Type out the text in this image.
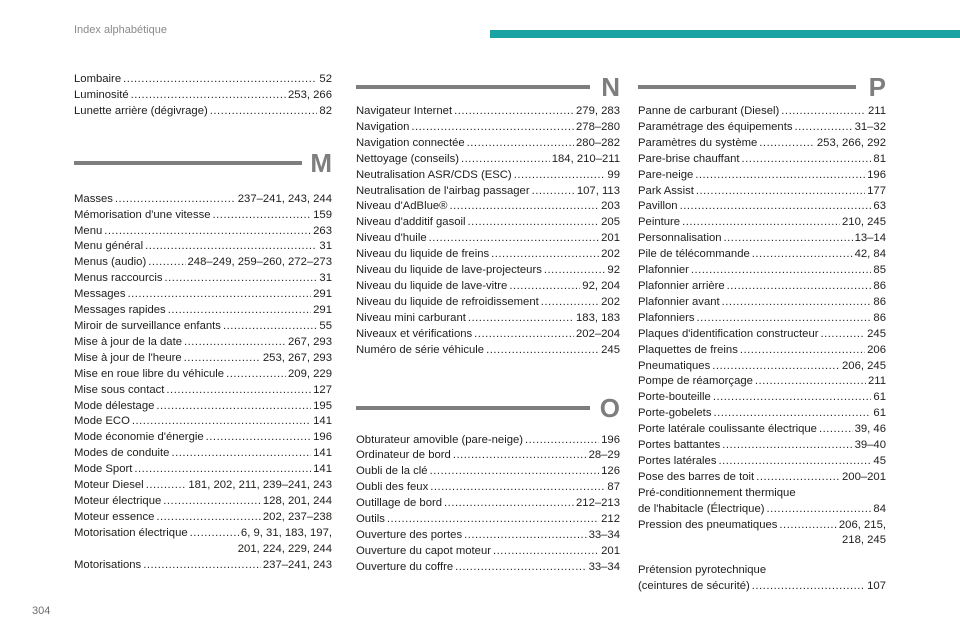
Index alphabétique
Lombaire .....	52
Luminosité .....	253, 266
Lunette arrière (dégivrage) .....	82
M
Masses .....	237–241, 243, 244
Mémorisation d'une vitesse .....	159
Menu .....	263
Menu général .....	31
Menus (audio) .....	248–249, 259–260, 272–273
Menus raccourcis .....	31
Messages .....	291
Messages rapides .....	291
Miroir de surveillance enfants .....	55
Mise à jour de la date .....	267, 293
Mise à jour de l'heure .....	253, 267, 293
Mise en roue libre du véhicule .....	209, 229
Mise sous contact .....	127
Mode délestage .....	195
Mode ECO .....	141
Mode économie d'énergie .....	196
Modes de conduite .....	141
Mode Sport .....	141
Moteur Diesel .....	181, 202, 211, 239–241, 243
Moteur électrique .....	128, 201, 244
Moteur essence .....	202, 237–238
Motorisation électrique .....	6, 9, 31, 183, 197,
201, 224, 229, 244
Motorisations .....	237–241, 243
N
Navigateur Internet .....	279, 283
Navigation .....	278–280
Navigation connectée .....	280–282
Nettoyage (conseils) .....	184, 210–211
Neutralisation ASR/CDS (ESC) .....	99
Neutralisation de l'airbag passager .....	107, 113
Niveau d'AdBlue® .....	203
Niveau d'additif gasoil .....	205
Niveau d'huile .....	201
Niveau du liquide de freins .....	202
Niveau du liquide de lave-projecteurs .....	92
Niveau du liquide de lave-vitre .....	92, 204
Niveau du liquide de refroidissement .....	202
Niveau mini carburant .....	183, 183
Niveaux et vérifications .....	202–204
Numéro de série véhicule .....	245
O
Obturateur amovible (pare-neige) .....	196
Ordinateur de bord .....	28–29
Oubli de la clé .....	126
Oubli des feux .....	87
Outillage de bord .....	212–213
Outils .....	212
Ouverture des portes .....	33–34
Ouverture du capot moteur .....	201
Ouverture du coffre .....	33–34
P
Panne de carburant (Diesel) .....	211
Paramétrage des équipements .....	31–32
Paramètres du système .....	253, 266, 292
Pare-brise chauffant .....	81
Pare-neige .....	196
Park Assist .....	177
Pavillon .....	63
Peinture .....	210, 245
Personnalisation .....	13–14
Pile de télécommande .....	42, 84
Plafonnier .....	85
Plafonnier arrière .....	86
Plafonnier avant .....	86
Plafonniers .....	86
Plaques d'identification constructeur .....	245
Plaquettes de freins .....	206
Pneumatiques .....	206, 245
Pompe de réamorçage .....	211
Porte-bouteille .....	61
Porte-gobelets .....	61
Porte latérale coulissante électrique .....	39, 46
Portes battantes .....	39–40
Portes latérales .....	45
Pose des barres de toit .....	200–201
Pré-conditionnement thermique
de l'habitacle (Électrique) .....	84
Pression des pneumatiques .....	206, 215,
218, 245
Prétension pyrotechnique
(ceintures de sécurité) .....	107
304
